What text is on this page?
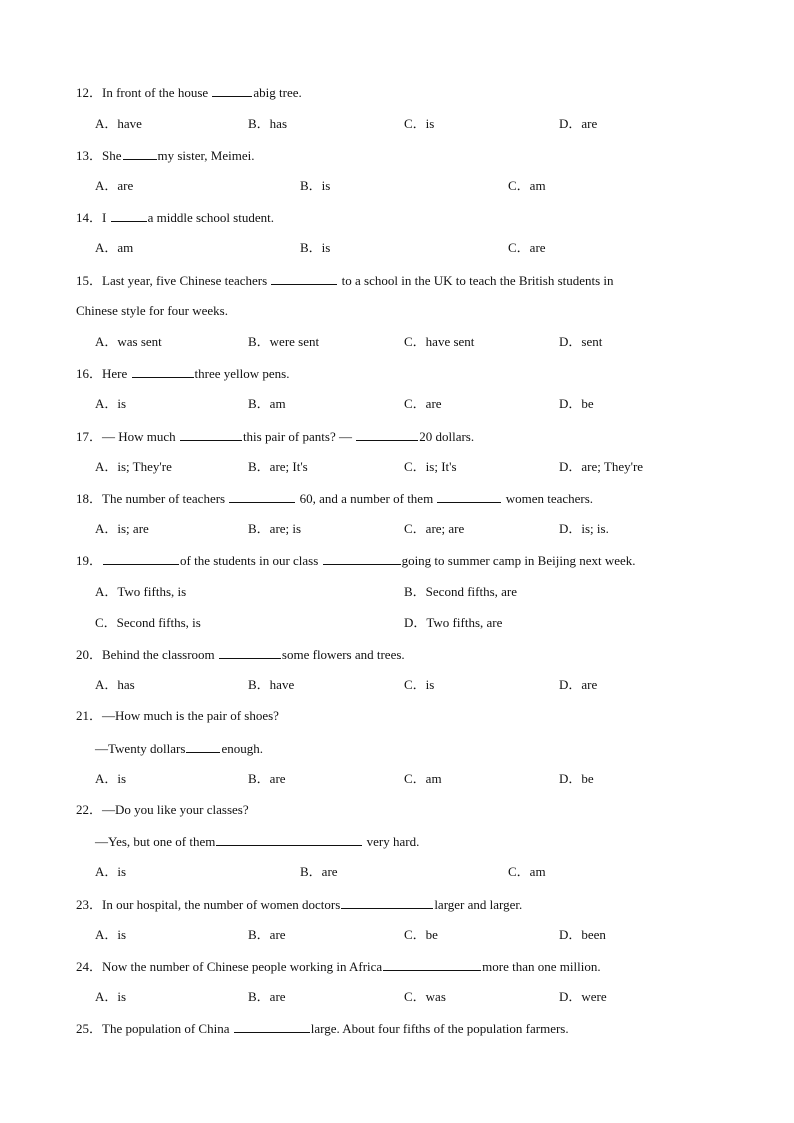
12．In front of the house	abig tree.
A．have	B．has	C．is	D．are
13．She	my sister, Meimei.
A．are	B．is	C．am
14．I	a middle school student.
A．am	B．is	C．are
15．Last year, five Chinese teachers	to a school in the UK to teach the British students in
Chinese style for four weeks.
A．was sent	B．were sent	C．have sent	D．sent
16．Here	three yellow pens.
A．is	B．am	C．are	D．be
17．— How much	this pair of pants? —	20 dollars.
A．is; They're	B．are; It's	C．is; It's	D．are; They're
18．The number of teachers	60, and a number of them	women teachers.
A．is; are	B．are; is	C．are; are	D．is; is.
19．	of the students in our class	going to summer camp in Beijing next week.
A．Two fifths, is	B．Second fifths, are
C．Second fifths, is	D．Two fifths, are
20．Behind the classroom	some flowers and trees.
A．has	B．have	C．is	D．are
21．—How much is the pair of shoes?
—Twenty dollars	enough.
A．is	B．are	C．am	D．be
22．—Do you like your classes?
—Yes, but one of them	very hard.
A．is	B．are	C．am
23．In our hospital, the number of women doctors	larger and larger.
A．is	B．are	C．be	D．been
24．Now the number of Chinese people working in Africa	more than one million.
A．is	B．are	C．was	D．were
25．The population of China	large. About four fifths of the population farmers.
